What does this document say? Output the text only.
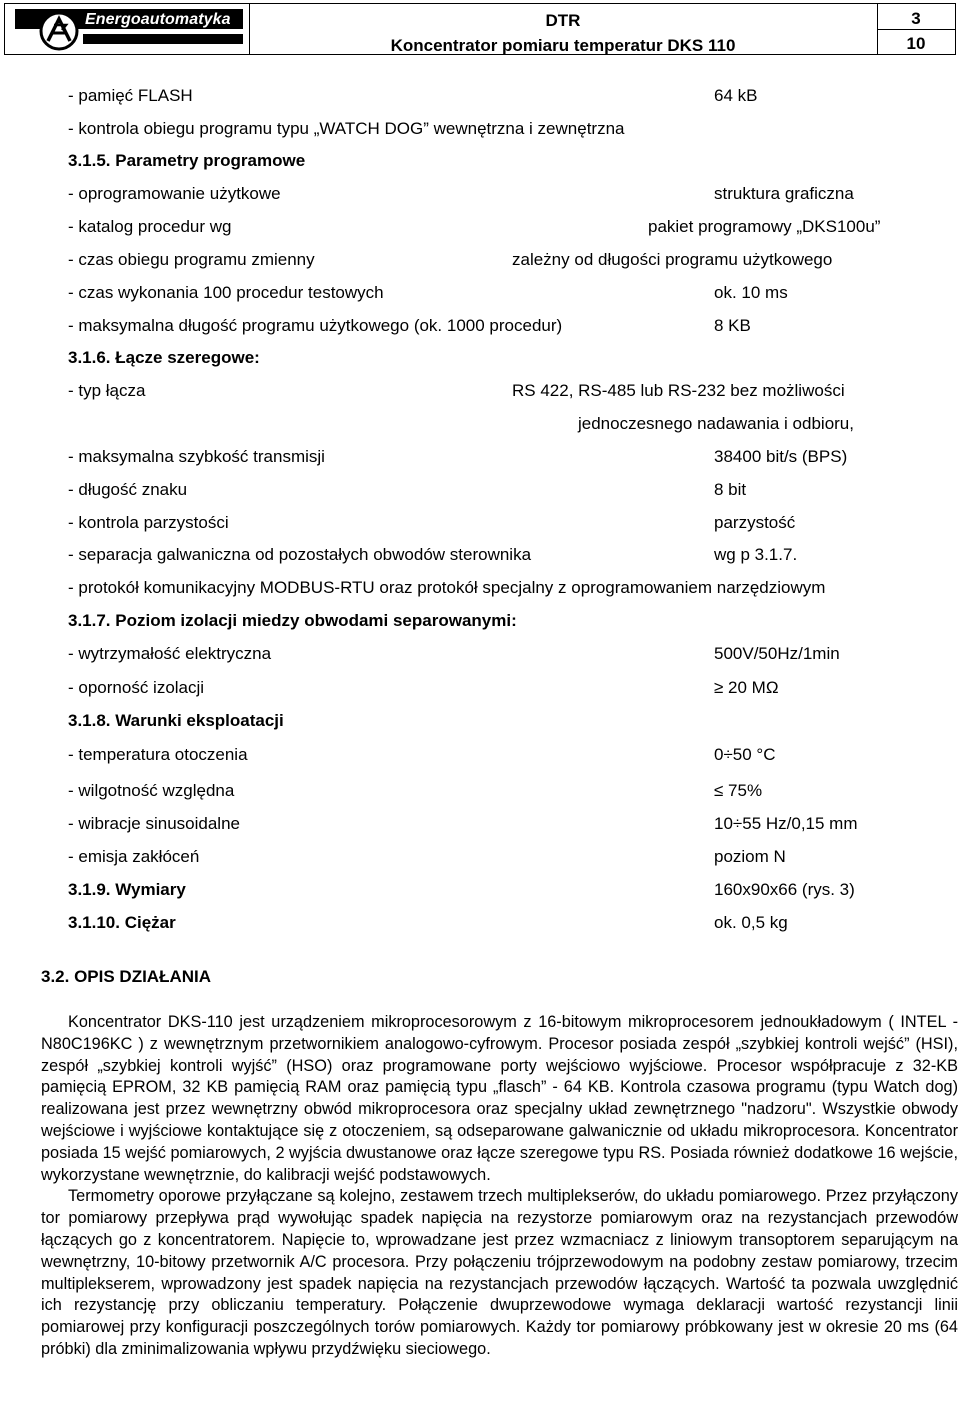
Energoautomatyka	DTR
Koncentrator pomiaru temperatur DKS 110
3
10
- pamięć FLASH	64 kB
- kontrola obiegu programu typu „WATCH DOG” wewnętrzna i zewnętrzna
3.1.5. Parametry programowe
- oprogramowanie użytkowe	struktura graficzna
- katalog procedur wg	pakiet programowy „DKS100u”
- czas obiegu programu zmienny	zależny od długości programu użytkowego
- czas wykonania 100 procedur testowych	ok. 10 ms
- maksymalna długość programu użytkowego (ok. 1000 procedur)	8 KB
3.1.6. Łącze szeregowe:
- typ łącza	RS 422, RS-485 lub RS-232 bez możliwości
jednoczesnego nadawania i odbioru,
- maksymalna szybkość transmisji	38400 bit/s (BPS)
- długość znaku	8 bit
- kontrola parzystości	parzystość
- separacja galwaniczna od pozostałych obwodów sterownika	wg p 3.1.7.
- protokół komunikacyjny MODBUS-RTU oraz protokół specjalny z oprogramowaniem narzędziowym
3.1.7. Poziom izolacji miedzy obwodami separowanymi:
- wytrzymałość elektryczna	500V/50Hz/1min
- oporność izolacji	≥ 20 MΩ
3.1.8. Warunki eksploatacji
- temperatura otoczenia	0÷50 °C
- wilgotność względna	≤ 75%
- wibracje sinusoidalne	10÷55 Hz/0,15 mm
- emisja zakłóceń	poziom N
3.1.9. Wymiary	160x90x66 (rys. 3)
3.1.10. Ciężar	ok. 0,5 kg
3.2. OPIS DZIAŁANIA

Koncentrator DKS-110 jest urządzeniem mikroprocesorowym z 16-bitowym mikroprocesorem jednoukładowym ( INTEL - N80C196KC ) z wewnętrznym przetwornikiem analogowo-cyfrowym. Procesor posiada zespół „szybkiej kontroli wejść” (HSI), zespół „szybkiej kontroli wyjść” (HSO) oraz programowane porty wejściowo wyjściowe. Procesor współpracuje z 32-KB pamięcią EPROM, 32 KB pamięcią RAM oraz pamięcią typu „flasch” - 64 KB. Kontrola czasowa programu (typu Watch dog) realizowana jest przez wewnętrzny obwód mikroprocesora oraz specjalny układ zewnętrznego "nadzoru". Wszystkie obwody wejściowe i wyjściowe kontaktujące się z otoczeniem, są odseparowane galwanicznie od układu mikroprocesora. Koncentrator posiada 15 wejść pomiarowych, 2 wyjścia dwustanowe oraz łącze szeregowe typu RS. Posiada również dodatkowe 16 wejście, wykorzystane wewnętrznie, do kalibracji wejść podstawowych.

Termometry oporowe przyłączane są kolejno, zestawem trzech multiplekserów, do układu pomiarowego. Przez przyłączony tor pomiarowy przepływa prąd wywołując spadek napięcia na rezystorze pomiarowym oraz na rezystancjach przewodów łączących go z koncentratorem. Napięcie to, wprowadzane jest przez wzmacniacz z liniowym transoptorem separującym na wewnętrzny, 10-bitowy przetwornik A/C procesora. Przy połączeniu trójprzewodowym na podobny zestaw pomiarowy, trzecim multiplekserem, wprowadzony jest spadek napięcia na rezystancjach przewodów łączących. Wartość ta pozwala uwzględnić ich rezystancję przy obliczaniu temperatury. Połączenie dwuprzewodowe wymaga deklaracji wartość rezystancji linii pomiarowej przy konfiguracji poszczególnych torów pomiarowych. Każdy tor pomiarowy próbkowany jest w okresie 20 ms (64 próbki) dla zminimalizowania wpływu przydźwięku sieciowego.
